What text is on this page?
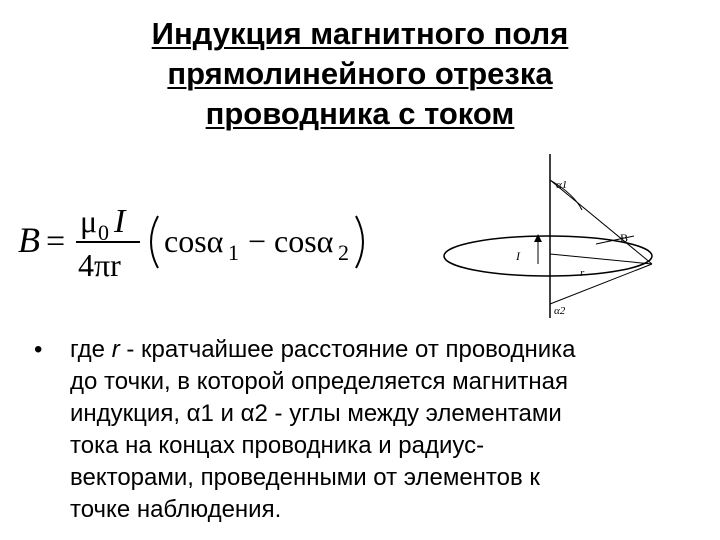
Индукция магнитного поля
прямолинейного отрезка
проводника с током
B =
μ 0 I
4πr
cosα 1 − cosα 2
α1
B
I
r
α2
•	где r - кратчайшее расстояние от проводника
до точки, в которой определяется магнитная
индукция, α1 и α2 - углы между элементами
тока на концах проводника и радиус-
векторами, проведенными от элементов к
точке наблюдения.
